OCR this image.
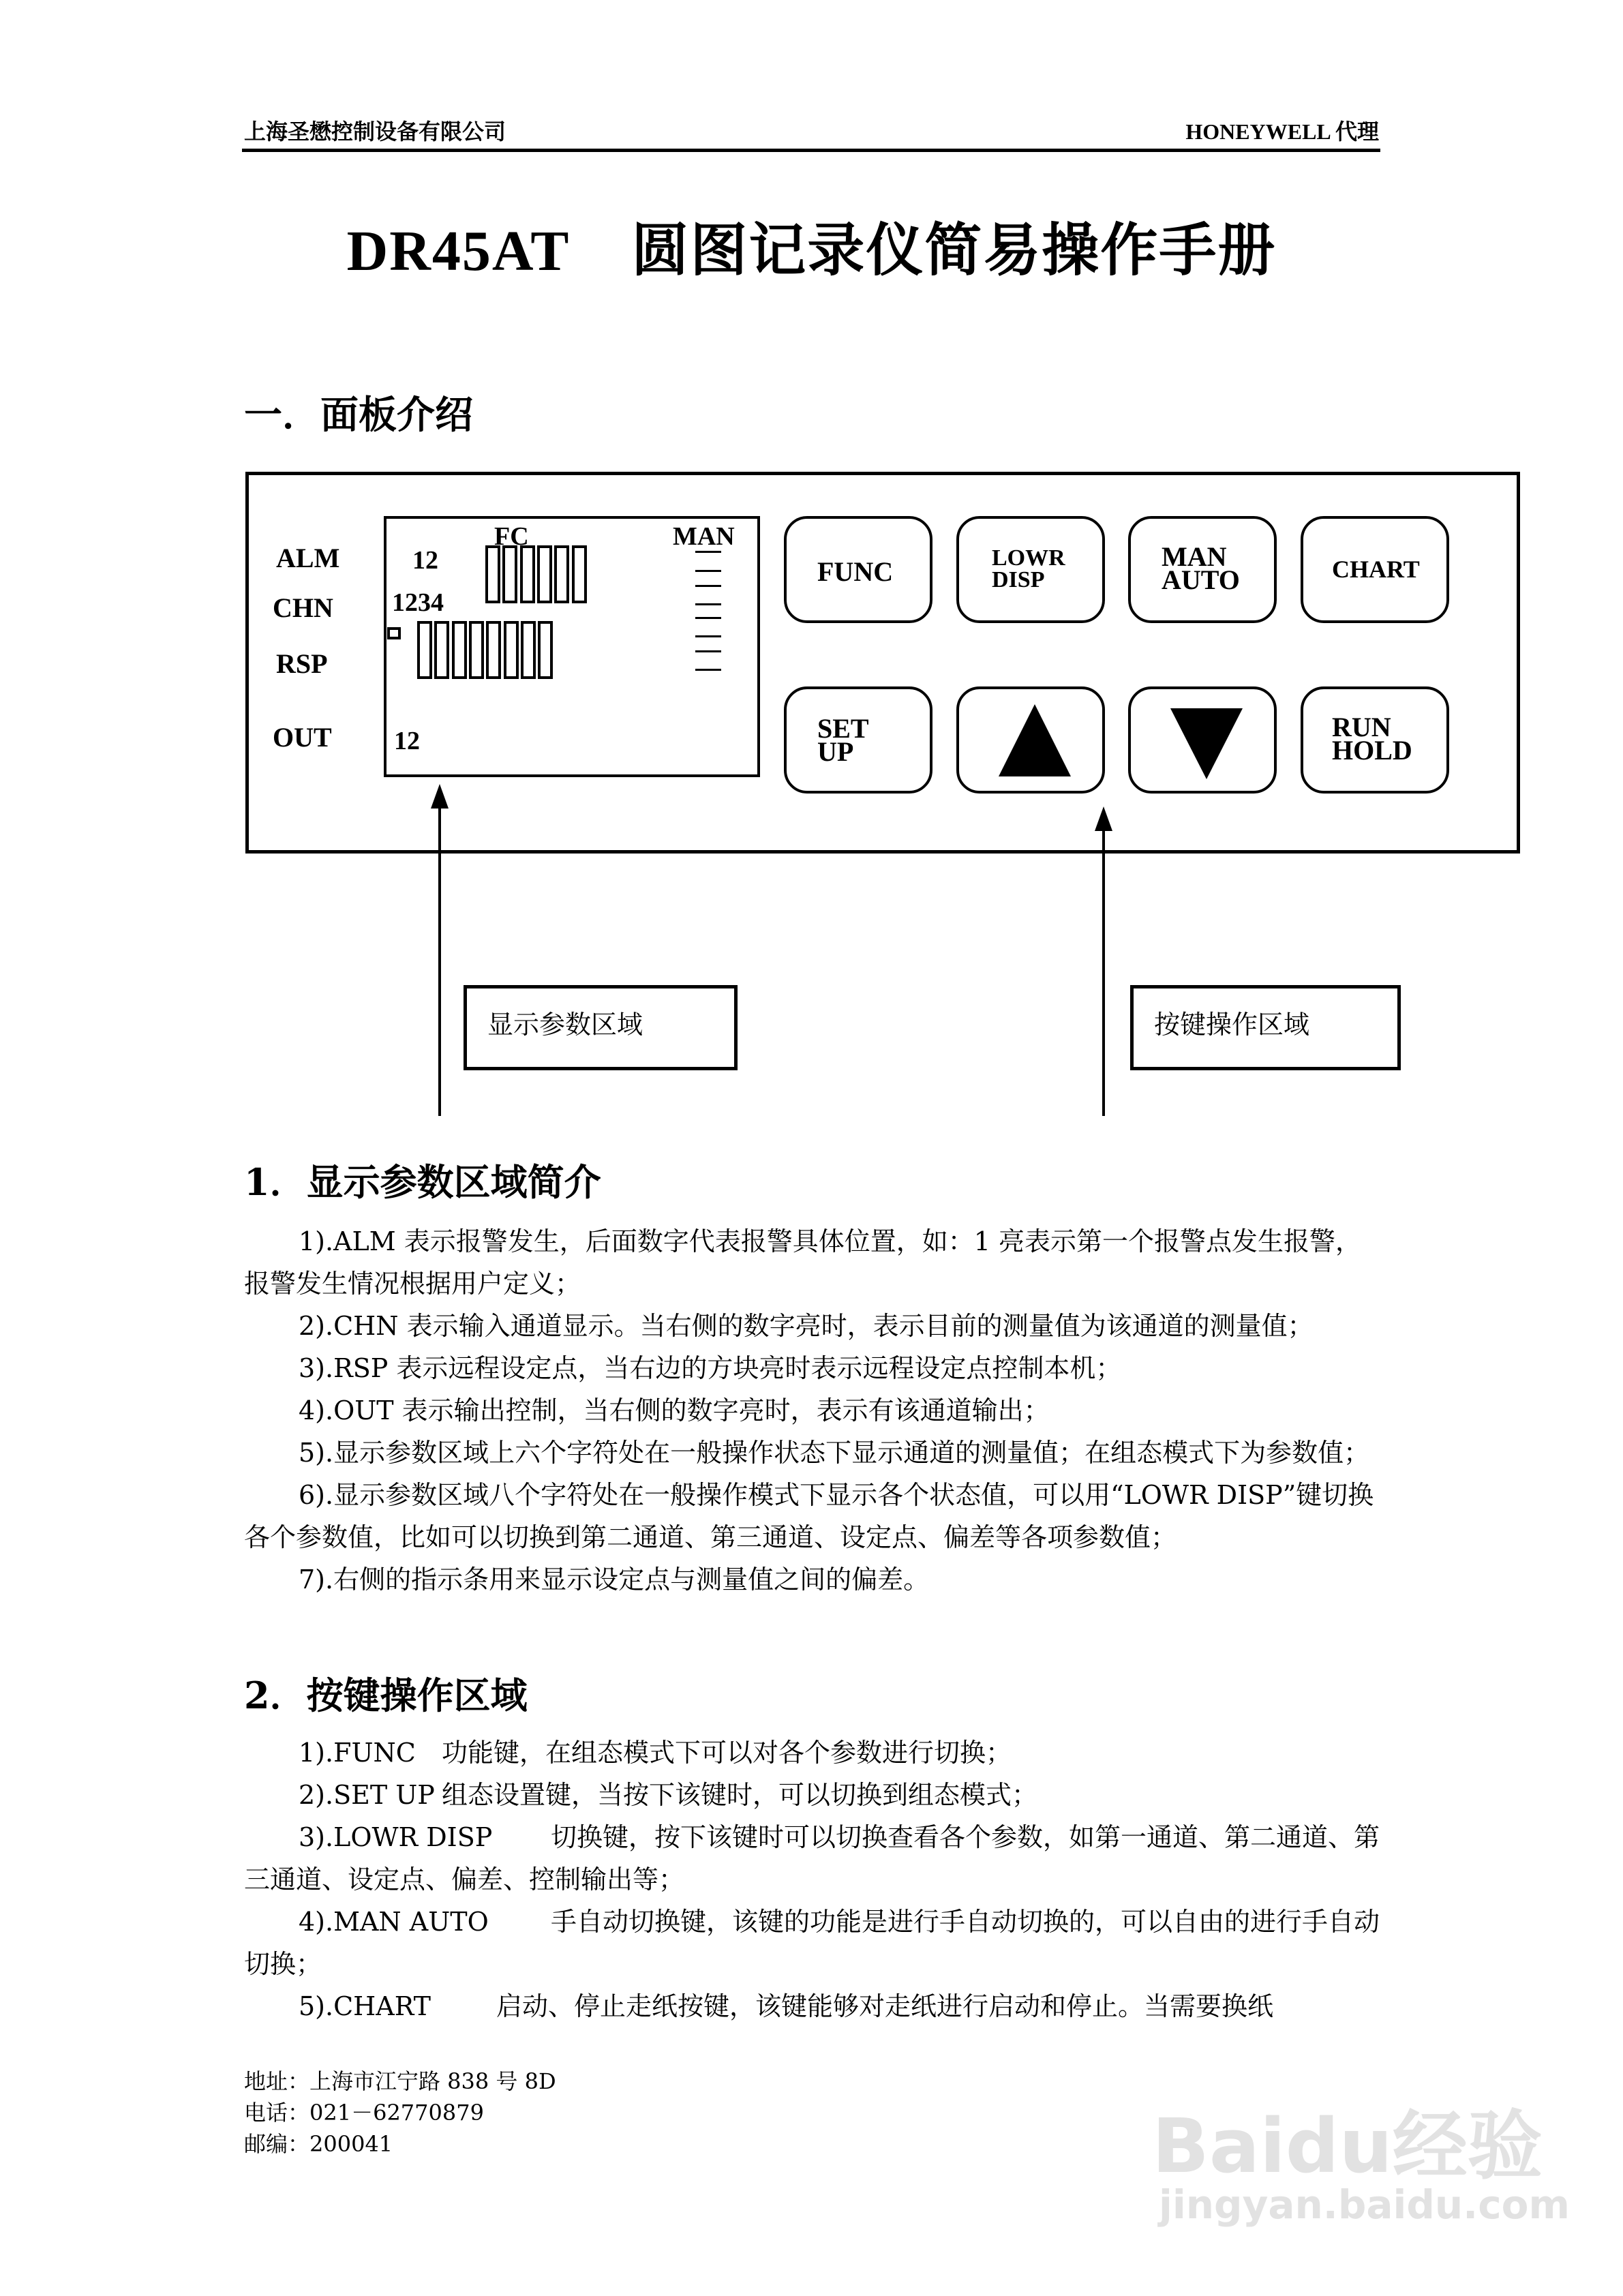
上海圣懋控制设备有限公司	HONEYWELL 代理
DR45AT 圆图记录仪简易操作手册
一．面板介绍
ALM
CHN
RSP
OUT
12
FC	MAN
1234
12
显示参数区域	按键操作区域
FUNC	LOWR
DISP
MAN
AUTO	CHART
SET
UP
RUN
HOLD
1．显示参数区域简介

1).ALM 表示报警发生，后面数字代表报警具体位置，如：1 亮表示第一个报警点发生报警，报警发生情况根据用户定义；

2).CHN 表示输入通道显示。当右侧的数字亮时，表示目前的测量值为该通道的测量值；

3).RSP 表示远程设定点，当右边的方块亮时表示远程设定点控制本机；

4).OUT 表示输出控制，当右侧的数字亮时，表示有该通道输出；

5).显示参数区域上六个字符处在一般操作状态下显示通道的测量值；在组态模式下为参数值；

6).显示参数区域八个字符处在一般操作模式下显示各个状态值，可以用“LOWR DISP”键切换各个参数值，比如可以切换到第二通道、第三通道、设定点、偏差等各项参数值；

7).右侧的指示条用来显示设定点与测量值之间的偏差。

2．按键操作区域

1).FUNC 功能键，在组态模式下可以对各个参数进行切换；

2).SET UP 组态设置键，当按下该键时，可以切换到组态模式；

3).LOWR DISP 切换键，按下该键时可以切换查看各个参数，如第一通道、第二通道、第三通道、设定点、偏差、控制输出等；

4).MAN AUTO 手自动切换键，该键的功能是进行手自动切换的，可以自由的进行手自动切换；

5).CHART	启动、停止走纸按键，该键能够对走纸进行启动和停止。当需要换纸

地址：上海市江宁路 838 号 8D
电话：021－62770879
邮编：200041	Baidu经验
jingyan.baidu.com
